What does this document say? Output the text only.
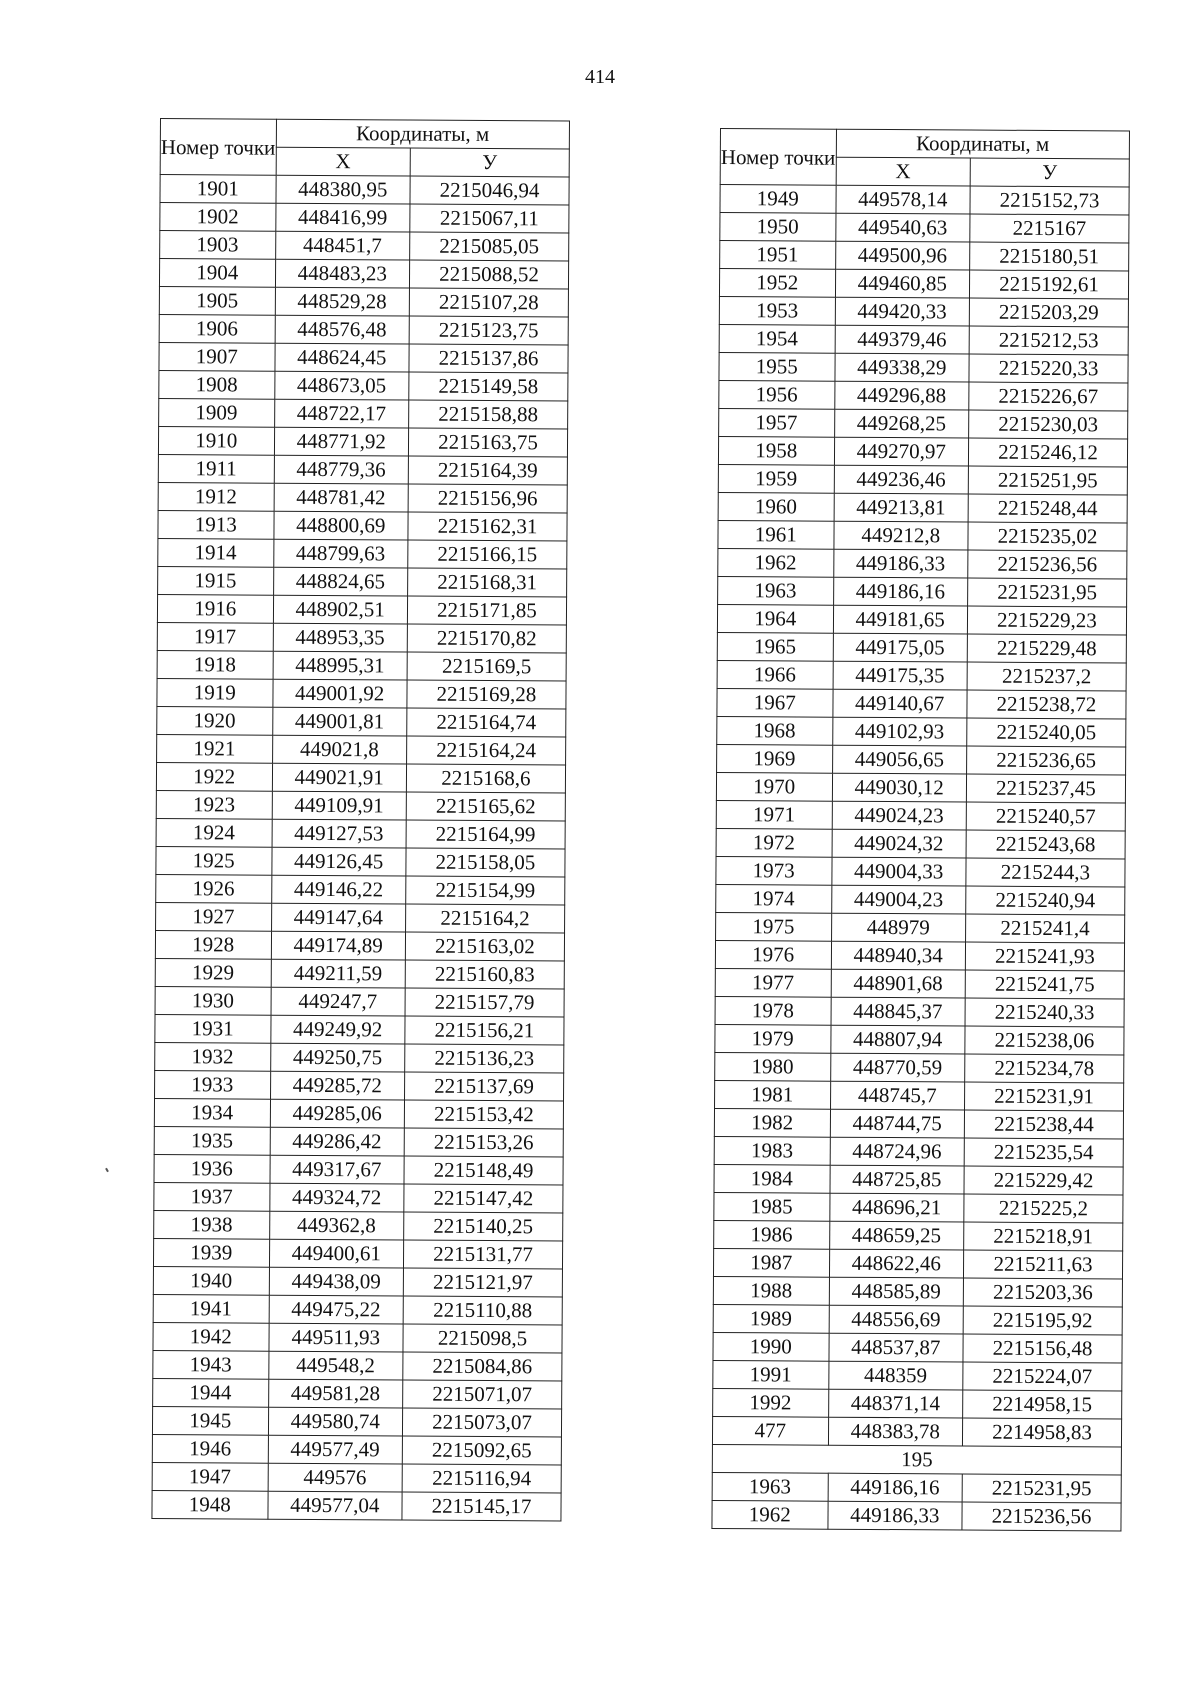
414
Номер точки	Координаты, м	
	X	У
1901	448380,95	2215046,94
1902	448416,99	2215067,11
1903	448451,7	2215085,05
1904	448483,23	2215088,52
1905	448529,28	2215107,28
1906	448576,48	2215123,75
1907	448624,45	2215137,86
1908	448673,05	2215149,58
1909	448722,17	2215158,88
1910	448771,92	2215163,75
1911	448779,36	2215164,39
1912	448781,42	2215156,96
1913	448800,69	2215162,31
1914	448799,63	2215166,15
1915	448824,65	2215168,31
1916	448902,51	2215171,85
1917	448953,35	2215170,82
1918	448995,31	2215169,5
1919	449001,92	2215169,28
1920	449001,81	2215164,74
1921	449021,8	2215164,24
1922	449021,91	2215168,6
1923	449109,91	2215165,62
1924	449127,53	2215164,99
1925	449126,45	2215158,05
1926	449146,22	2215154,99
1927	449147,64	2215164,2
1928	449174,89	2215163,02
1929	449211,59	2215160,83
1930	449247,7	2215157,79
1931	449249,92	2215156,21
1932	449250,75	2215136,23
1933	449285,72	2215137,69
1934	449285,06	2215153,42
1935	449286,42	2215153,26
1936	449317,67	2215148,49
1937	449324,72	2215147,42
1938	449362,8	2215140,25
1939	449400,61	2215131,77
1940	449438,09	2215121,97
1941	449475,22	2215110,88
1942	449511,93	2215098,5
1943	449548,2	2215084,86
1944	449581,28	2215071,07
1945	449580,74	2215073,07
1946	449577,49	2215092,65
1947	449576	2215116,94
1948	449577,04	2215145,17
Номер точки	Координаты, м	
	X	У
1949	449578,14	2215152,73
1950	449540,63	2215167
1951	449500,96	2215180,51
1952	449460,85	2215192,61
1953	449420,33	2215203,29
1954	449379,46	2215212,53
1955	449338,29	2215220,33
1956	449296,88	2215226,67
1957	449268,25	2215230,03
1958	449270,97	2215246,12
1959	449236,46	2215251,95
1960	449213,81	2215248,44
1961	449212,8	2215235,02
1962	449186,33	2215236,56
1963	449186,16	2215231,95
1964	449181,65	2215229,23
1965	449175,05	2215229,48
1966	449175,35	2215237,2
1967	449140,67	2215238,72
1968	449102,93	2215240,05
1969	449056,65	2215236,65
1970	449030,12	2215237,45
1971	449024,23	2215240,57
1972	449024,32	2215243,68
1973	449004,33	2215244,3
1974	449004,23	2215240,94
1975	448979	2215241,4
1976	448940,34	2215241,93
1977	448901,68	2215241,75
1978	448845,37	2215240,33
1979	448807,94	2215238,06
1980	448770,59	2215234,78
1981	448745,7	2215231,91
1982	448744,75	2215238,44
1983	448724,96	2215235,54
1984	448725,85	2215229,42
1985	448696,21	2215225,2
1986	448659,25	2215218,91
1987	448622,46	2215211,63
1988	448585,89	2215203,36
1989	448556,69	2215195,92
1990	448537,87	2215156,48
1991	448359	2215224,07
1992	448371,14	2214958,15
477	448383,78	2214958,83
195		
1963	449186,16	2215231,95
1962	449186,33	2215236,56
